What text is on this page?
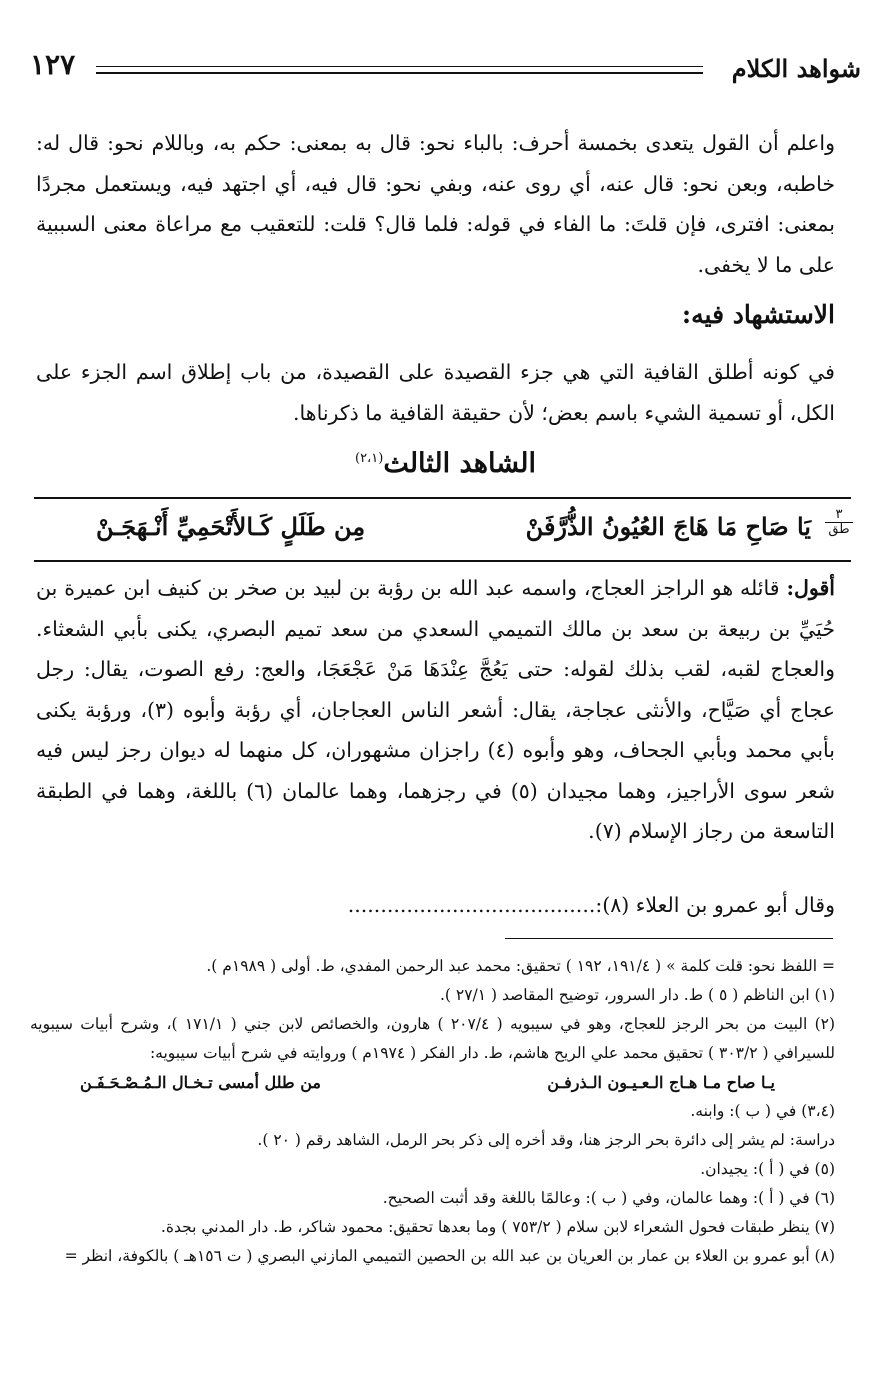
شواهد الكلام
١٢٧
واعلم أن القول يتعدى بخمسة أحرف: بالباء نحو: قال به بمعنى: حكم به، وباللام نحو: قال له: خاطبه، وبعن نحو: قال عنه، أي روى عنه، وبفي نحو: قال فيه، أي اجتهد فيه، ويستعمل مجردًا بمعنى: افترى، فإن قلتَ: ما الفاء في قوله: فلما قال؟ قلت: للتعقيب مع مراعاة معنى السببية على ما لا يخفى.
الاستشهاد فيه:
في كونه أطلق القافية التي هي جزء القصيدة على القصيدة، من باب إطلاق اسم الجزء على الكل، أو تسمية الشيء باسم بعض؛ لأن حقيقة القافية ما ذكرناها.
الشاهد الثالث$^{(٢،١)}$
٣
طق
يَا صَاحِ مَا هَاجَ العُيُونُ الذُّرَّفَنْ
مِن طَلَلٍ كَـالأَتْحَمِيِّ أَنْـهَجَـنْ
أقول: قائله هو الراجز العجاج، واسمه عبد الله بن رؤبة بن لبيد بن صخر بن كنيف ابن عميرة بن حُيَيِّ بن ربيعة بن سعد بن مالك التميمي السعدي من سعد تميم البصري، يكنى بأبي الشعثاء. والعجاج لقبه، لقب بذلك لقوله: حتى يَعُجَّ عِنْدَهَا مَنْ عَجْعَجَا، والعج: رفع الصوت، يقال: رجل عجاج أي صَيَّاح، والأنثى عجاجة، يقال: أشعر الناس العجاجان، أي رؤبة وأبوه (٣)، ورؤبة يكنى بأبي محمد وبأبي الجحاف، وهو وأبوه (٤) راجزان مشهوران، كل منهما له ديوان رجز ليس فيه شعر سوى الأراجيز، وهما مجيدان (٥) في رجزهما، وهما عالمان (٦) باللغة، وهما في الطبقة التاسعة من رجاز الإسلام (٧).
وقال أبو عمرو بن العلاء (٨):......................................
= اللفظ نحو: قلت كلمة » ( ١٩١/٤، ١٩٢ ) تحقيق: محمد عبد الرحمن المفدي، ط. أولى ( ١٩٨٩م ).
(١) ابن الناظم ( ٥ ) ط. دار السرور، توضيح المقاصد ( ٢٧/١ ).
(٢) البيت من بحر الرجز للعجاج، وهو في سيبويه ( ٢٠٧/٤ ) هارون، والخصائص لابن جني ( ١٧١/١ )، وشرح أبيات سيبويه للسيرافي ( ٣٠٣/٢ ) تحقيق محمد علي الريح هاشم، ط. دار الفكر ( ١٩٧٤م ) وروايته في شرح أبيات سيبويه:
يـا صاح مـا هـاج الـعـيـون الـذرفـن
من طلل أمسى تـخـال الـمُـصْـحَـفَـن
(٣،٤) في ( ب ): وابنه.
دراسة: لم يشر إلى دائرة بحر الرجز هنا، وقد أخره إلى ذكر بحر الرمل، الشاهد رقم ( ٢٠ ).
(٥) في ( أ ): يجيدان.
(٦) في ( أ ): وهما عالمان، وفي ( ب ): وعالمًا باللغة وقد أثبت الصحيح.
(٧) ينظر طبقات فحول الشعراء لابن سلام ( ٧٥٣/٢ ) وما بعدها تحقيق: محمود شاكر، ط. دار المدني بجدة.
(٨) أبو عمرو بن العلاء بن عمار بن العريان بن عبد الله بن الحصين التميمي المازني البصري ( ت ١٥٦هـ ) بالكوفة، انظر =
